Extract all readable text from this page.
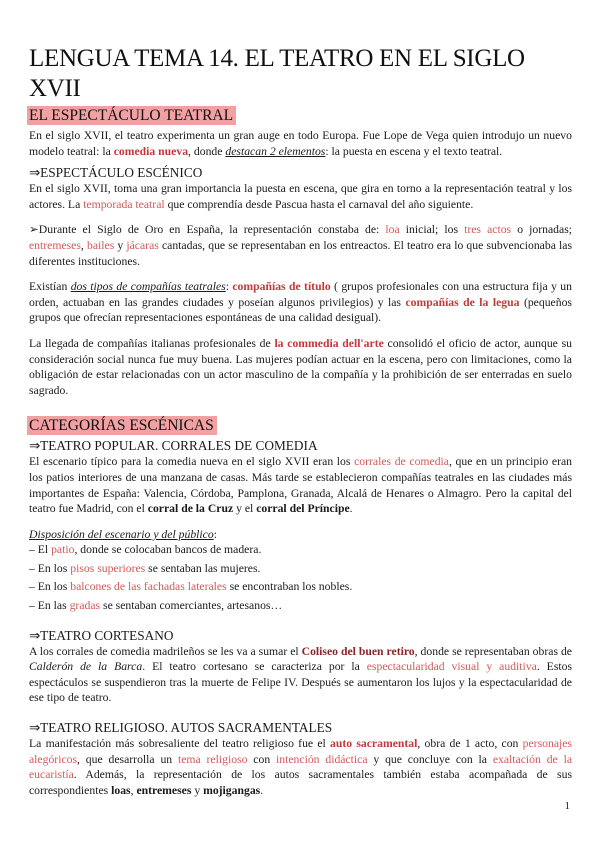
LENGUA TEMA 14. EL TEATRO EN EL SIGLO XVII
EL ESPECTÁCULO TEATRAL

En el siglo XVII, el teatro experimenta un gran auge en todo Europa. Fue Lope de Vega quien introdujo un nuevo modelo teatral: la comedia nueva, donde destacan 2 elementos: la puesta en escena y el texto teatral.

⇒ESPECTÁCULO ESCÉNICO

En el siglo XVII, toma una gran importancia la puesta en escena, que gira en torno a la representación teatral y los actores. La temporada teatral que comprendía desde Pascua hasta el carnaval del año siguiente.

➢Durante el Siglo de Oro en España, la representación constaba de: loa inicial; los tres actos o jornadas; entremeses, bailes y jácaras cantadas, que se representaban en los entreactos. El teatro era lo que subvencionaba las diferentes instituciones.

Existían dos tipos de compañías teatrales: compañías de título ( grupos profesionales con una estructura fija y un orden, actuaban en las grandes ciudades y poseían algunos privilegios) y las compañías de la legua (pequeños grupos que ofrecían representaciones espontáneas de una calidad desigual).

La llegada de compañías italianas profesionales de la commedia dell'arte consolidó el oficio de actor, aunque su consideración social nunca fue muy buena. Las mujeres podían actuar en la escena, pero con limitaciones, como la obligación de estar relacionadas con un actor masculino de la compañía y la prohibición de ser enterradas en suelo sagrado.

CATEGORÍAS ESCÉNICAS
⇒TEATRO POPULAR. CORRALES DE COMEDIA

El escenario típico para la comedia nueva en el siglo XVII eran los corrales de comedia, que en un principio eran los patios interiores de una manzana de casas. Más tarde se establecieron compañías teatrales en las ciudades más importantes de España: Valencia, Córdoba, Pamplona, Granada, Alcalá de Henares o Almagro. Pero la capital del teatro fue Madrid, con el corral de la Cruz y el corral del Príncipe.

Disposición del escenario y del público:

– El patio, donde se colocaban bancos de madera.
– En los pisos superiores se sentaban las mujeres.
– En los balcones de las fachadas laterales se encontraban los nobles.
– En las gradas se sentaban comerciantes, artesanos…
⇒TEATRO CORTESANO

A los corrales de comedia madrileños se les va a sumar el Coliseo del buen retiro, donde se representaban obras de Calderón de la Barca. El teatro cortesano se caracteriza por la espectacularidad visual y auditiva. Estos espectáculos se suspendieron tras la muerte de Felipe IV. Después se aumentaron los lujos y la espectacularidad de ese tipo de teatro.

⇒TEATRO RELIGIOSO. AUTOS SACRAMENTALES

La manifestación más sobresaliente del teatro religioso fue el auto sacramental, obra de 1 acto, con personajes alegóricos, que desarrolla un tema religioso con intención didáctica y que concluye con la exaltación de la eucaristía. Además, la representación de los autos sacramentales también estaba acompañada de sus correspondientes loas, entremeses y mojigangas.

1
